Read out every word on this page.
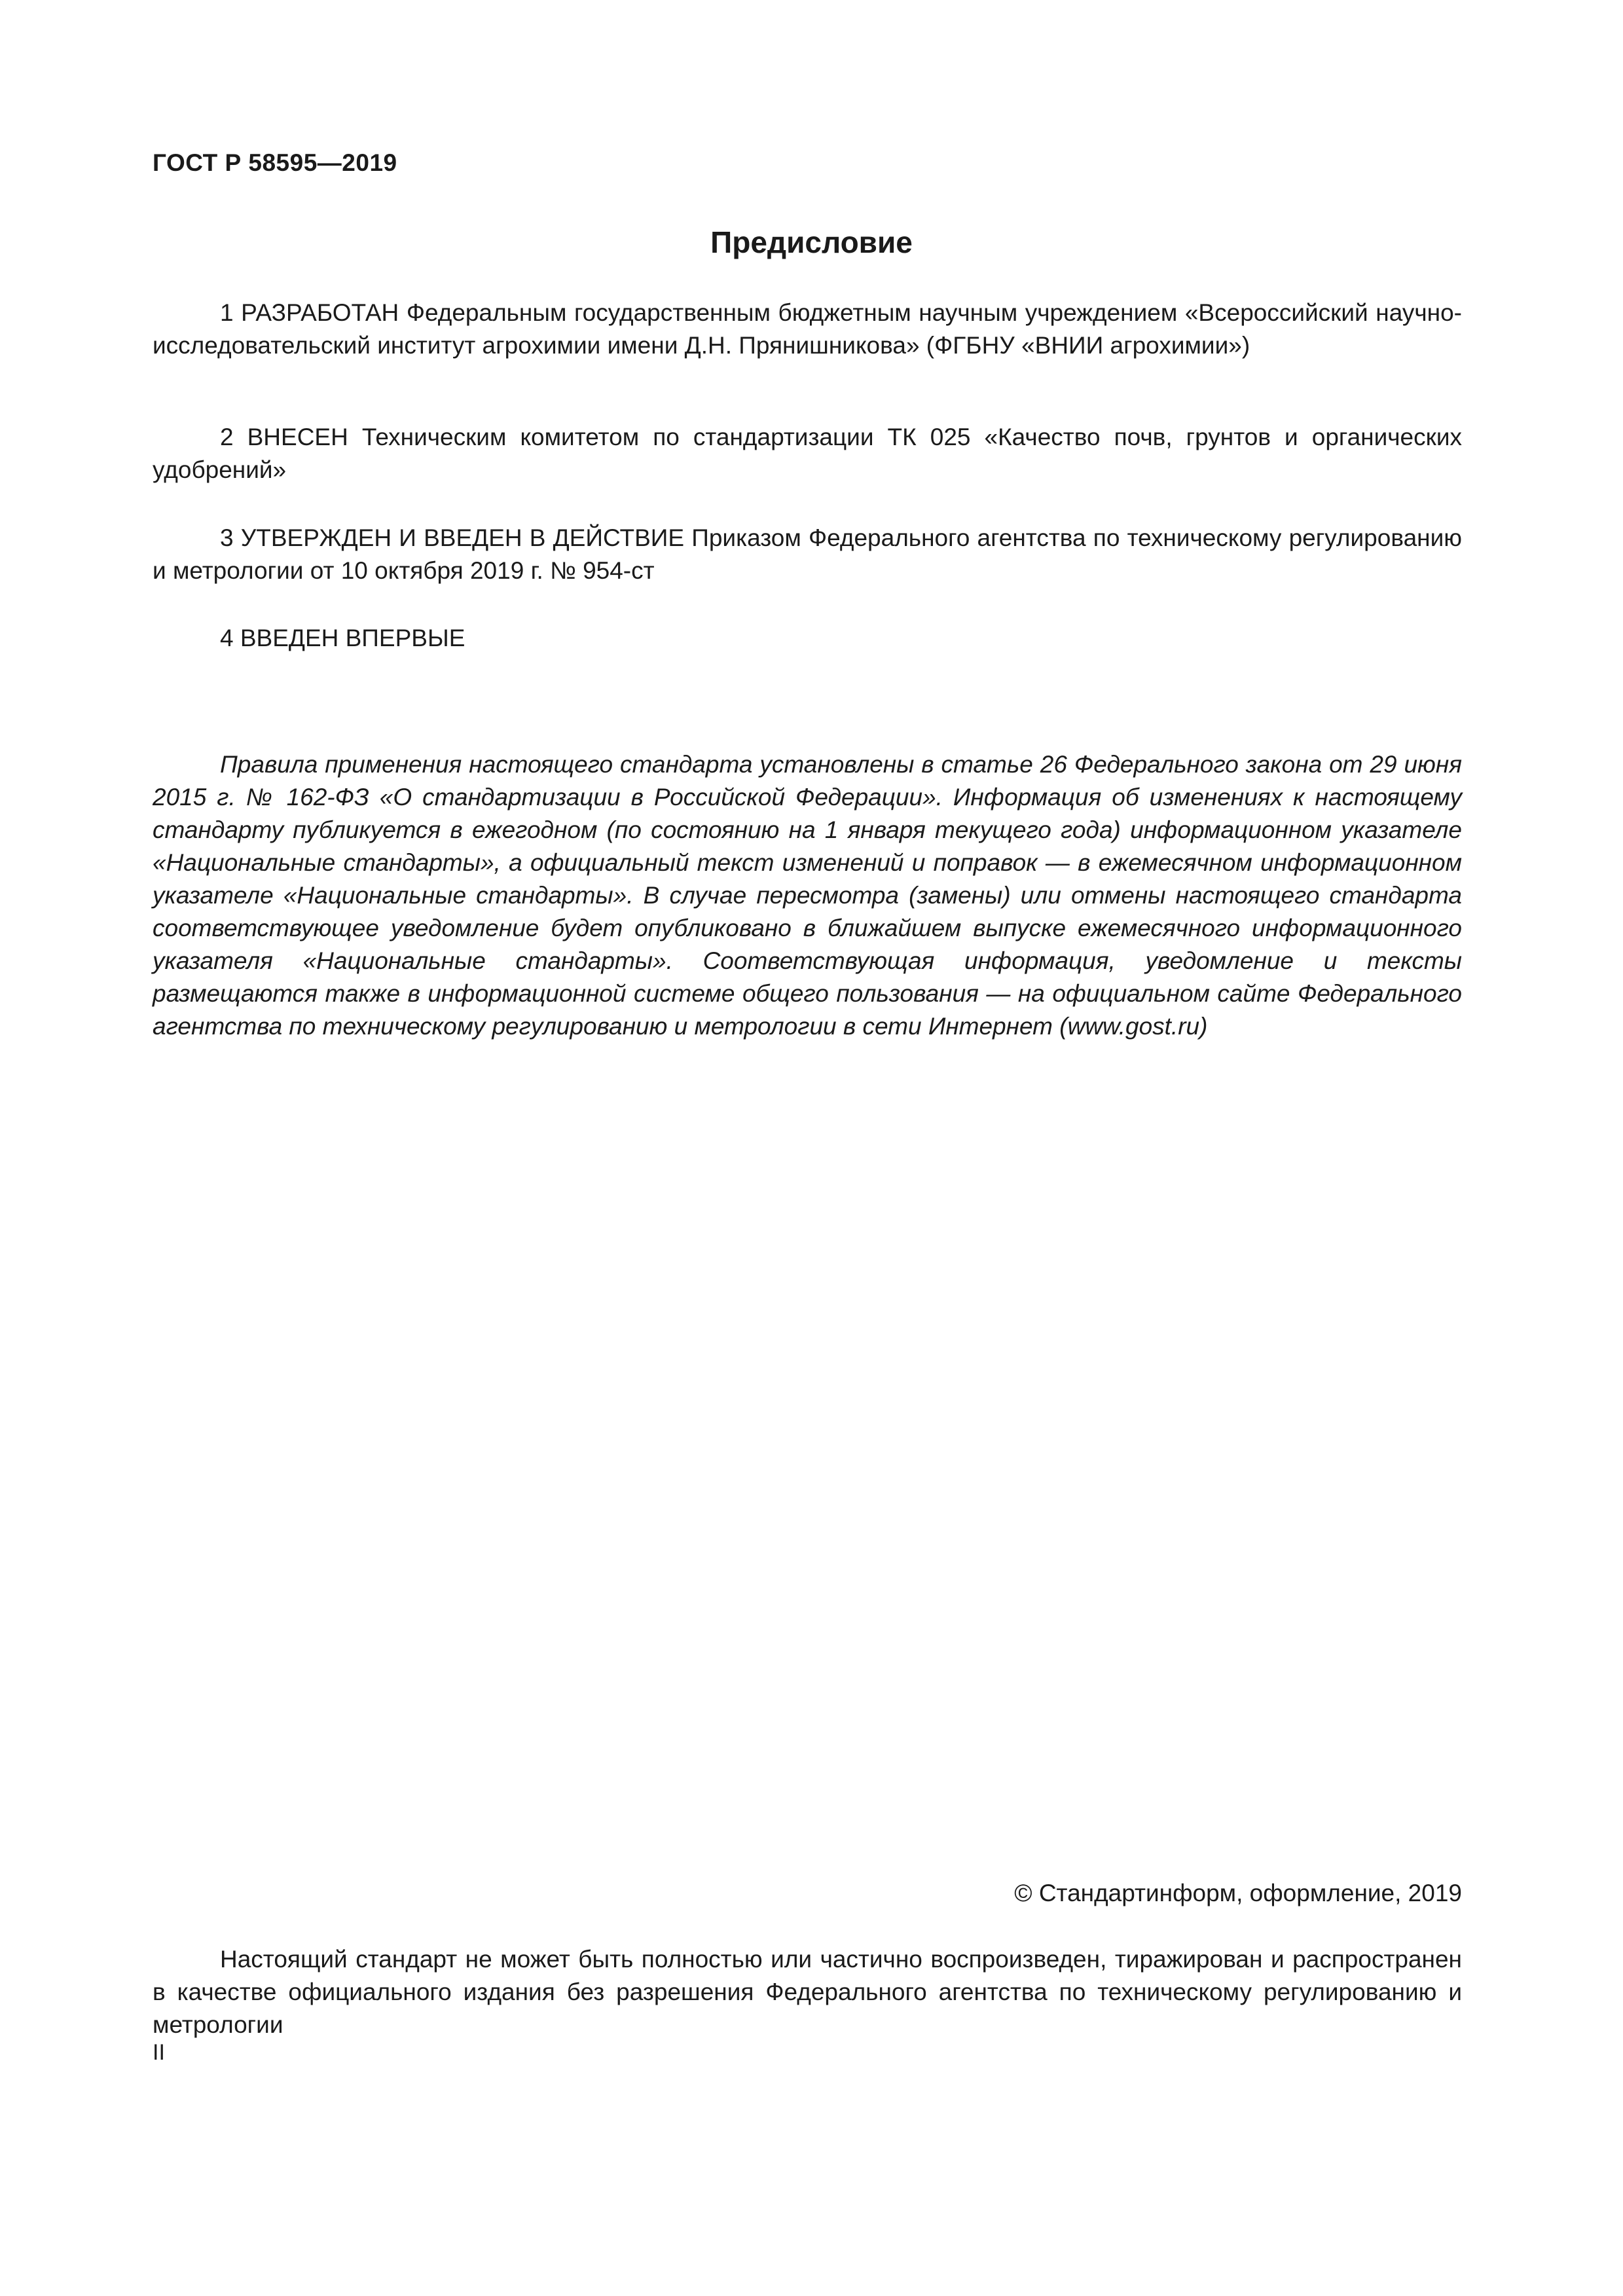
ГОСТ Р 58595—2019
Предисловие
1 РАЗРАБОТАН Федеральным государственным бюджетным научным учреждением «Всероссийский научно-исследовательский институт агрохимии имени Д.Н. Прянишникова» (ФГБНУ «ВНИИ агрохимии»)
2 ВНЕСЕН Техническим комитетом по стандартизации ТК 025 «Качество почв, грунтов и органических удобрений»
3 УТВЕРЖДЕН И ВВЕДЕН В ДЕЙСТВИЕ Приказом Федерального агентства по техническому регулированию и метрологии от 10 октября 2019 г. № 954-ст
4 ВВЕДЕН ВПЕРВЫЕ
Правила применения настоящего стандарта установлены в статье 26 Федерального закона от 29 июня 2015 г. № 162-ФЗ «О стандартизации в Российской Федерации». Информация об изменениях к настоящему стандарту публикуется в ежегодном (по состоянию на 1 января текущего года) информационном указателе «Национальные стандарты», а официальный текст изменений и поправок — в ежемесячном информационном указателе «Национальные стандарты». В случае пересмотра (замены) или отмены настоящего стандарта соответствующее уведомление будет опубликовано в ближайшем выпуске ежемесячного информационного указателя «Национальные стандарты». Соответствующая информация, уведомление и тексты размещаются также в информационной системе общего пользования — на официальном сайте Федерального агентства по техническому регулированию и метрологии в сети Интернет (www.gost.ru)
© Стандартинформ, оформление, 2019
Настоящий стандарт не может быть полностью или частично воспроизведен, тиражирован и распространен в качестве официального издания без разрешения Федерального агентства по техническому регулированию и метрологии
II
